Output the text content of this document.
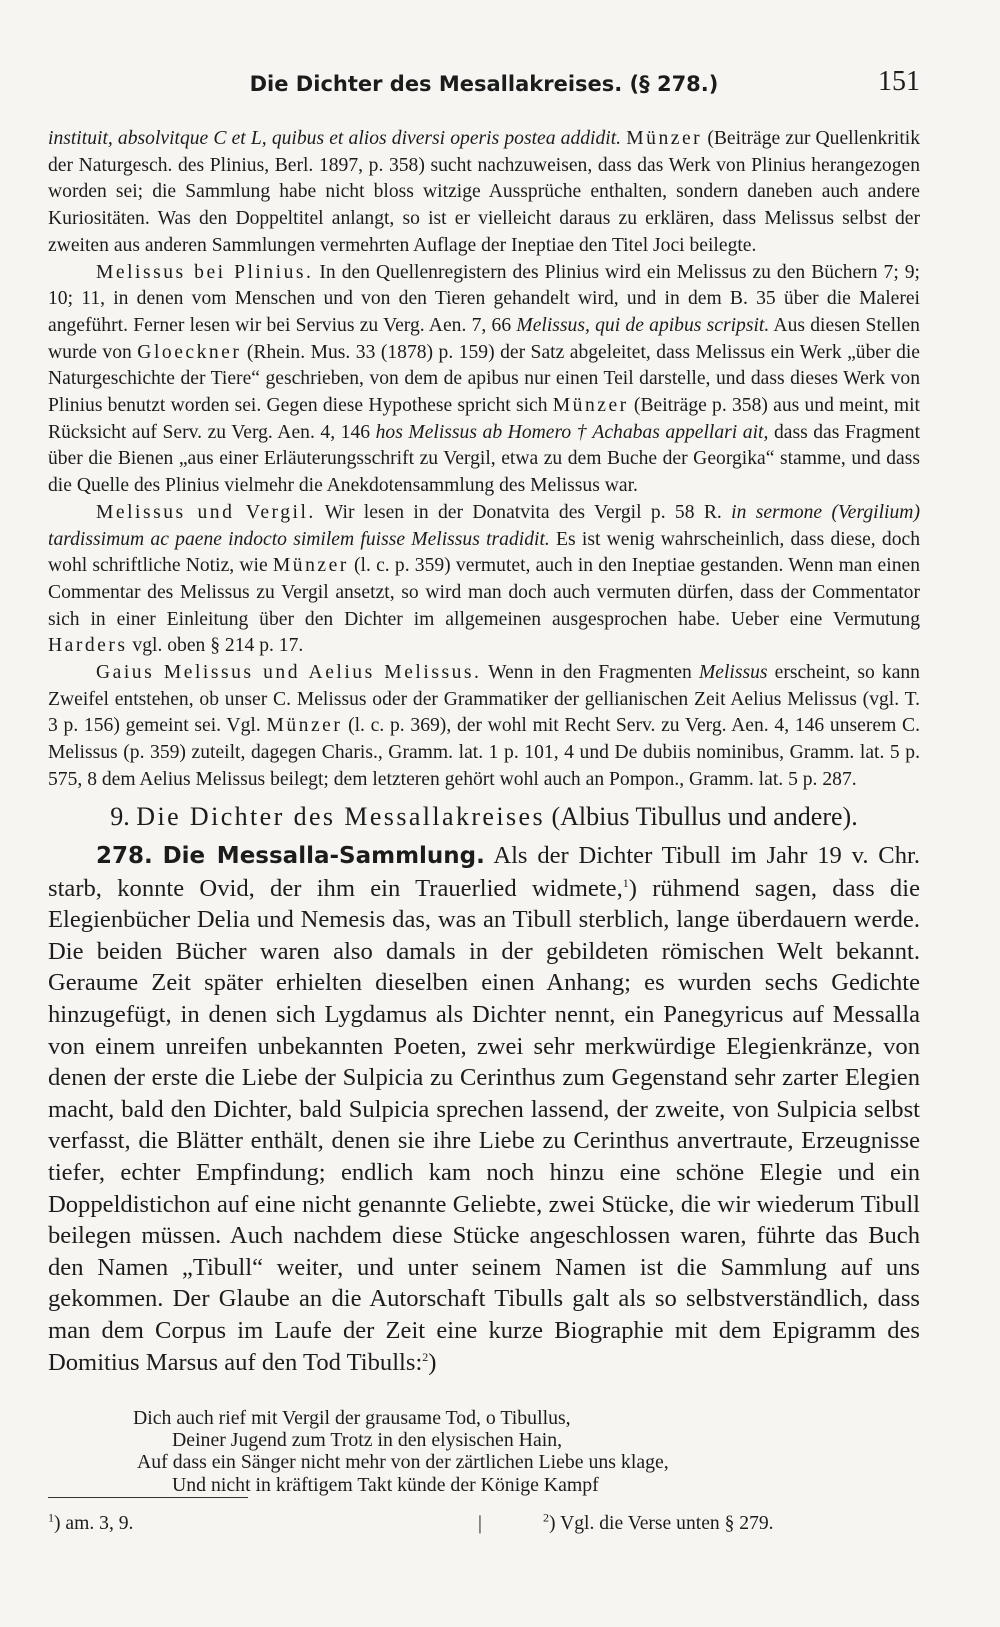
Die Dichter des Mesallakreises. (§ 278.)	151

instituit, absolvitque C et L, quibus et alios diversi operis postea addidit. Münzer (Beiträge zur Quellenkritik der Naturgesch. des Plinius, Berl. 1897, p. 358) sucht nachzuweisen, dass das Werk von Plinius herangezogen worden sei; die Sammlung habe nicht bloss witzige Aussprüche enthalten, sondern daneben auch andere Kuriositäten. Was den Doppeltitel anlangt, so ist er vielleicht daraus zu erklären, dass Melissus selbst der zweiten aus anderen Sammlungen vermehrten Auflage der Ineptiae den Titel Joci beilegte.

Melissus bei Plinius. In den Quellenregistern des Plinius wird ein Melissus zu den Büchern 7; 9; 10; 11, in denen vom Menschen und von den Tieren gehandelt wird, und in dem B. 35 über die Malerei angeführt. Ferner lesen wir bei Servius zu Verg. Aen. 7, 66 Melissus, qui de apibus scripsit. Aus diesen Stellen wurde von Gloeckner (Rhein. Mus. 33 (1878) p. 159) der Satz abgeleitet, dass Melissus ein Werk „über die Naturgeschichte der Tiere“ geschrieben, von dem de apibus nur einen Teil darstelle, und dass dieses Werk von Plinius benutzt worden sei. Gegen diese Hypothese spricht sich Münzer (Beiträge p. 358) aus und meint, mit Rücksicht auf Serv. zu Verg. Aen. 4, 146 hos Melissus ab Homero † Achabas appellari ait, dass das Fragment über die Bienen „aus einer Erläuterungsschrift zu Vergil, etwa zu dem Buche der Georgika“ stamme, und dass die Quelle des Plinius vielmehr die Anekdotensammlung des Melissus war.

Melissus und Vergil. Wir lesen in der Donatvita des Vergil p. 58 R. in sermone (Vergilium) tardissimum ac paene indocto similem fuisse Melissus tradidit. Es ist wenig wahrscheinlich, dass diese, doch wohl schriftliche Notiz, wie Münzer (l. c. p. 359) vermutet, auch in den Ineptiae gestanden. Wenn man einen Commentar des Melissus zu Vergil ansetzt, so wird man doch auch vermuten dürfen, dass der Commentator sich in einer Einleitung über den Dichter im allgemeinen ausgesprochen habe. Ueber eine Vermutung Harders vgl. oben § 214 p. 17.

Gaius Melissus und Aelius Melissus. Wenn in den Fragmenten Melissus erscheint, so kann Zweifel entstehen, ob unser C. Melissus oder der Grammatiker der gellianischen Zeit Aelius Melissus (vgl. T. 3 p. 156) gemeint sei. Vgl. Münzer (l. c. p. 369), der wohl mit Recht Serv. zu Verg. Aen. 4, 146 unserem C. Melissus (p. 359) zuteilt, dagegen Charis., Gramm. lat. 1 p. 101, 4 und De dubiis nominibus, Gramm. lat. 5 p. 575, 8 dem Aelius Melissus beilegt; dem letzteren gehört wohl auch an Pompon., Gramm. lat. 5 p. 287.

9. Die Dichter des Messallakreises (Albius Tibullus und andere).

278. Die Messalla-Sammlung. Als der Dichter Tibull im Jahr 19 v. Chr. starb, konnte Ovid, der ihm ein Trauerlied widmete,$^1$) rühmend sagen, dass die Elegienbücher Delia und Nemesis das, was an Tibull sterblich, lange überdauern werde. Die beiden Bücher waren also damals in der gebildeten römischen Welt bekannt. Geraume Zeit später erhielten dieselben einen Anhang; es wurden sechs Gedichte hinzugefügt, in denen sich Lygdamus als Dichter nennt, ein Panegyricus auf Messalla von einem unreifen unbekannten Poeten, zwei sehr merkwürdige Elegienkränze, von denen der erste die Liebe der Sulpicia zu Cerinthus zum Gegenstand sehr zarter Elegien macht, bald den Dichter, bald Sulpicia sprechen lassend, der zweite, von Sulpicia selbst verfasst, die Blätter enthält, denen sie ihre Liebe zu Cerinthus anvertraute, Erzeugnisse tiefer, echter Empfindung; endlich kam noch hinzu eine schöne Elegie und ein Doppeldistichon auf eine nicht genannte Geliebte, zwei Stücke, die wir wiederum Tibull beilegen müssen. Auch nachdem diese Stücke angeschlossen waren, führte das Buch den Namen „Tibull“ weiter, und unter seinem Namen ist die Sammlung auf uns gekommen. Der Glaube an die Autorschaft Tibulls galt als so selbstverständlich, dass man dem Corpus im Laufe der Zeit eine kurze Biographie mit dem Epigramm des Domitius Marsus auf den Tod Tibulls:$^2$)

Dich auch rief mit Vergil der grausame Tod, o Tibullus,
Deiner Jugend zum Trotz in den elysischen Hain,
Auf dass ein Sänger nicht mehr von der zärtlichen Liebe uns klage,
Und nicht in kräftigem Takt künde der Könige Kampf
$^1$) am. 3, 9.	|	$^2$) Vgl. die Verse unten § 279.
